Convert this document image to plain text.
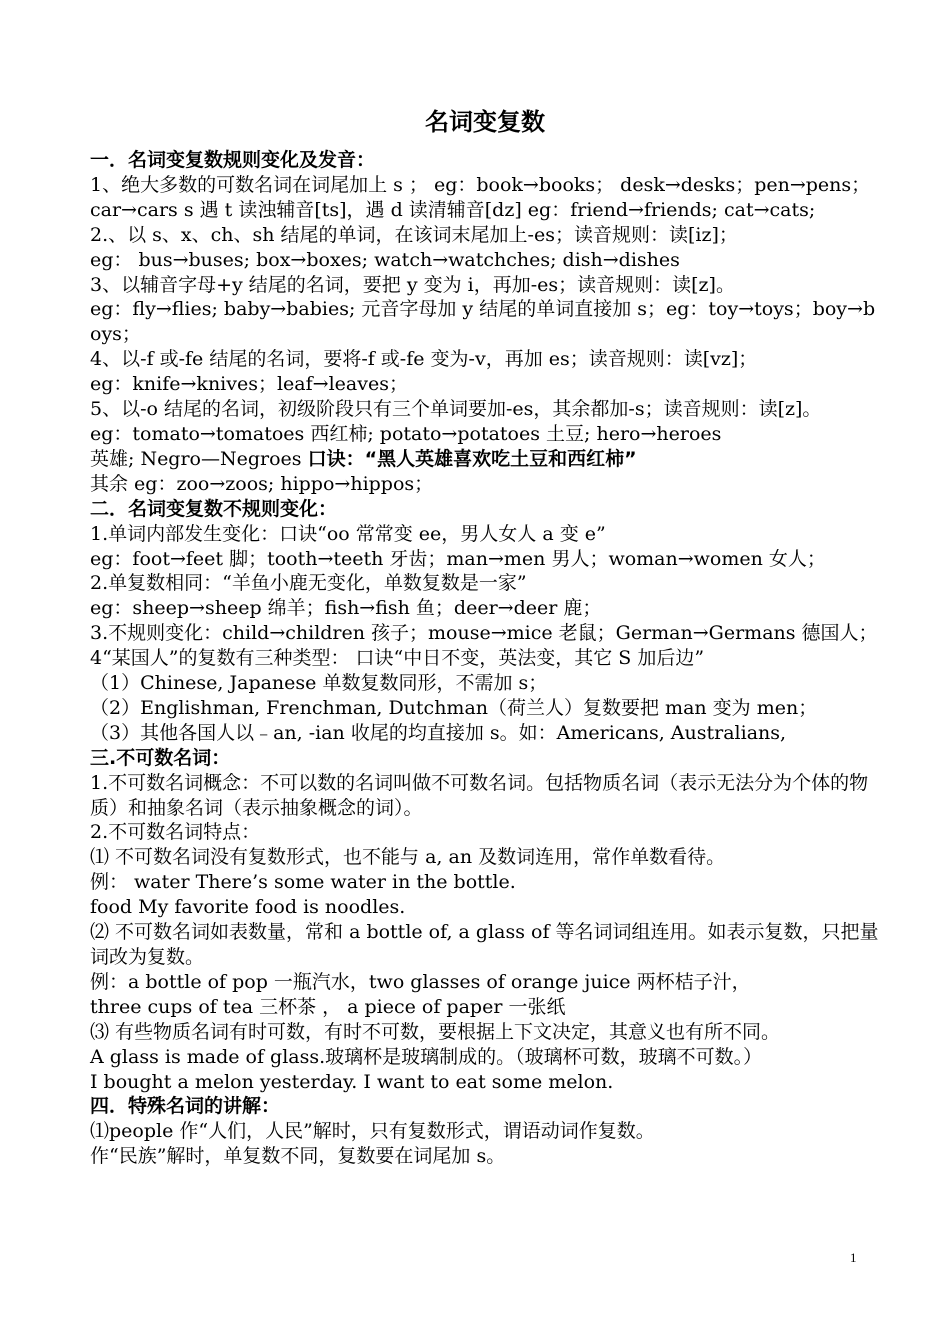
名词变复数
一．名词变复数规则变化及发音：
1、绝大多数的可数名词在词尾加上 s ； eg：book→books； desk→desks；pen→pens；car→cars s 遇 t 读浊辅音[ts]，遇 d 读清辅音[dz] eg：friend→friends; cat→cats;
2.、以 s、x、ch、sh 结尾的单词，在该词末尾加上-es；读音规则：读[iz]；
eg： bus→buses; box→boxes; watch→watchches; dish→dishes
3、以辅音字母+y 结尾的名词，要把 y 变为 i，再加-es；读音规则：读[z]。
eg：fly→flies; baby→babies; 元音字母加 y 结尾的单词直接加 s；eg：toy→toys；boy→boys；
4、以-f 或-fe 结尾的名词，要将-f 或-fe 变为-v，再加 es；读音规则：读[vz]；
eg：knife→knives；leaf→leaves；
5、以-o 结尾的名词，初级阶段只有三个单词要加-es，其余都加-s；读音规则：读[z]。
eg：tomato→tomatoes 西红柿; potato→potatoes 土豆; hero→heroes
英雄; Negro—Negroes 口诀：“黑人英雄喜欢吃土豆和西红柿”
其余 eg：zoo→zoos; hippo→hippos；
二．名词变复数不规则变化：
1.单词内部发生变化：口诀“oo 常常变 ee，男人女人 a 变 e”
eg：foot→feet 脚；tooth→teeth 牙齿；man→men 男人；woman→women 女人；
2.单复数相同：“羊鱼小鹿无变化，单数复数是一家”
eg：sheep→sheep 绵羊；fish→fish 鱼；deer→deer 鹿；
3.不规则变化：child→children 孩子；mouse→mice 老鼠；German→Germans 德国人；
4“某国人”的复数有三种类型： 口诀“中日不变，英法变，其它 S 加后边”
（1）Chinese, Japanese 单数复数同形，不需加 s；
（2）Englishman, Frenchman, Dutchman（荷兰人）复数要把 man 变为 men；
（3）其他各国人以﹣an, -ian 收尾的均直接加 s。如：Americans, Australians,
三.不可数名词：
1.不可数名词概念：不可以数的名词叫做不可数名词。包括物质名词（表示无法分为个体的物质）和抽象名词（表示抽象概念的词）。
2.不可数名词特点：
⑴ 不可数名词没有复数形式，也不能与 a, an 及数词连用，常作单数看待。
例： water There’s some water in the bottle.
food My favorite food is noodles.
⑵ 不可数名词如表数量，常和 a bottle of, a glass of 等名词词组连用。如表示复数，只把量词改为复数。
例：a bottle of pop 一瓶汽水，two glasses of orange juice 两杯桔子汁，
three cups of tea 三杯茶 ， a piece of paper 一张纸
⑶ 有些物质名词有时可数，有时不可数，要根据上下文决定，其意义也有所不同。
A glass is made of glass.玻璃杯是玻璃制成的。（玻璃杯可数，玻璃不可数。）
I bought a melon yesterday. I want to eat some melon.
四．特殊名词的讲解：
⑴people 作“人们，人民”解时，只有复数形式，谓语动词作复数。
作“民族”解时，单复数不同，复数要在词尾加 s。
1
